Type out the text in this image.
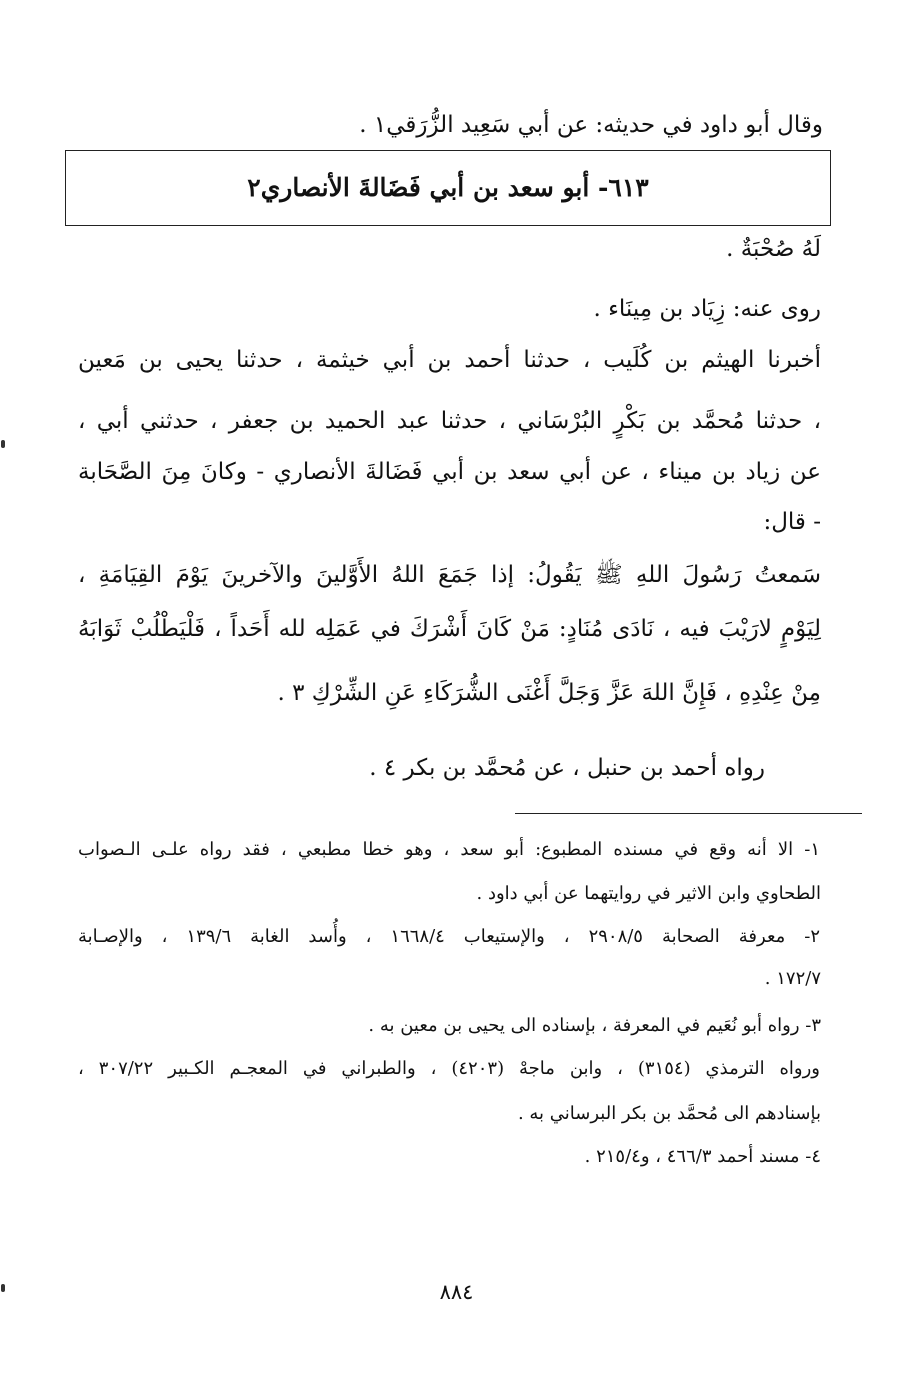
وقال أبو داود في حديثه: عن أبي سَعِيد الزُّرَقي١ .
٦١٣- أبو سعد بن أبي فَضَالةَ الأنصاري٢
لَهُ صُحْبَةٌ .
روى عنه: زِيَاد بن مِينَاء .
أخبرنا الهيثم بن كُلَيب ، حدثنا أحمد بن أبي خيثمة ، حدثنا يحيى بن مَعين
، حدثنا مُحمَّد بن بَكْرٍ البُرْسَاني ، حدثنا عبد الحميد بن جعفر ، حدثني أبي ،
عن زياد بن ميناء ، عن أبي سعد بن أبي فَضَالةَ الأنصاري - وكانَ مِنَ الصَّحَابة
- قال:
سَمعتُ رَسُولَ اللهِ ﷺ يَقُولُ: إذا جَمَعَ اللهُ الأَوَّلينَ والآخرينَ يَوْمَ القِيَامَةِ ،
لِيَوْمٍ لارَيْبَ فيه ، نَادَى مُنَادٍ: مَنْ كَانَ أَشْرَكَ في عَمَلِه لله أَحَداً ، فَلْيَطْلُبْ ثَوَابَهُ
مِنْ عِنْدِهِ ، فَإِنَّ اللهَ عَزَّ وَجَلَّ أَغْنَى الشُّرَكَاءِ عَنِ الشِّرْكِ ٣ .
رواه أحمد بن حنبل ، عن مُحمَّد بن بكر ٤ .
١- الا أنه وقع في مسنده المطبوع: أبو سعد ، وهو خطا مطبعي ، فقد رواه علـى الـصواب
الطحاوي وابن الاثير في روايتهما عن أبي داود .
٢- معرفة الصحابة ٢٩٠٨/٥ ، والإستيعاب ١٦٦٨/٤ ، وأُسد الغابة ١٣٩/٦ ، والإصـابة
١٧٢/٧ .
٣- رواه أبو نُعَيم في المعرفة ، بإسناده الى يحيى بن معين به .
ورواه الترمذي (٣١٥٤) ، وابن ماجهْ (٤٢٠٣) ، والطبراني في المعجـم الكـبير ٣٠٧/٢٢ ،
بإسنادهم الى مُحمَّد بن بكر البرساني به .
٤- مسند أحمد ٤٦٦/٣ ، و٢١٥/٤ .
٨٨٤
